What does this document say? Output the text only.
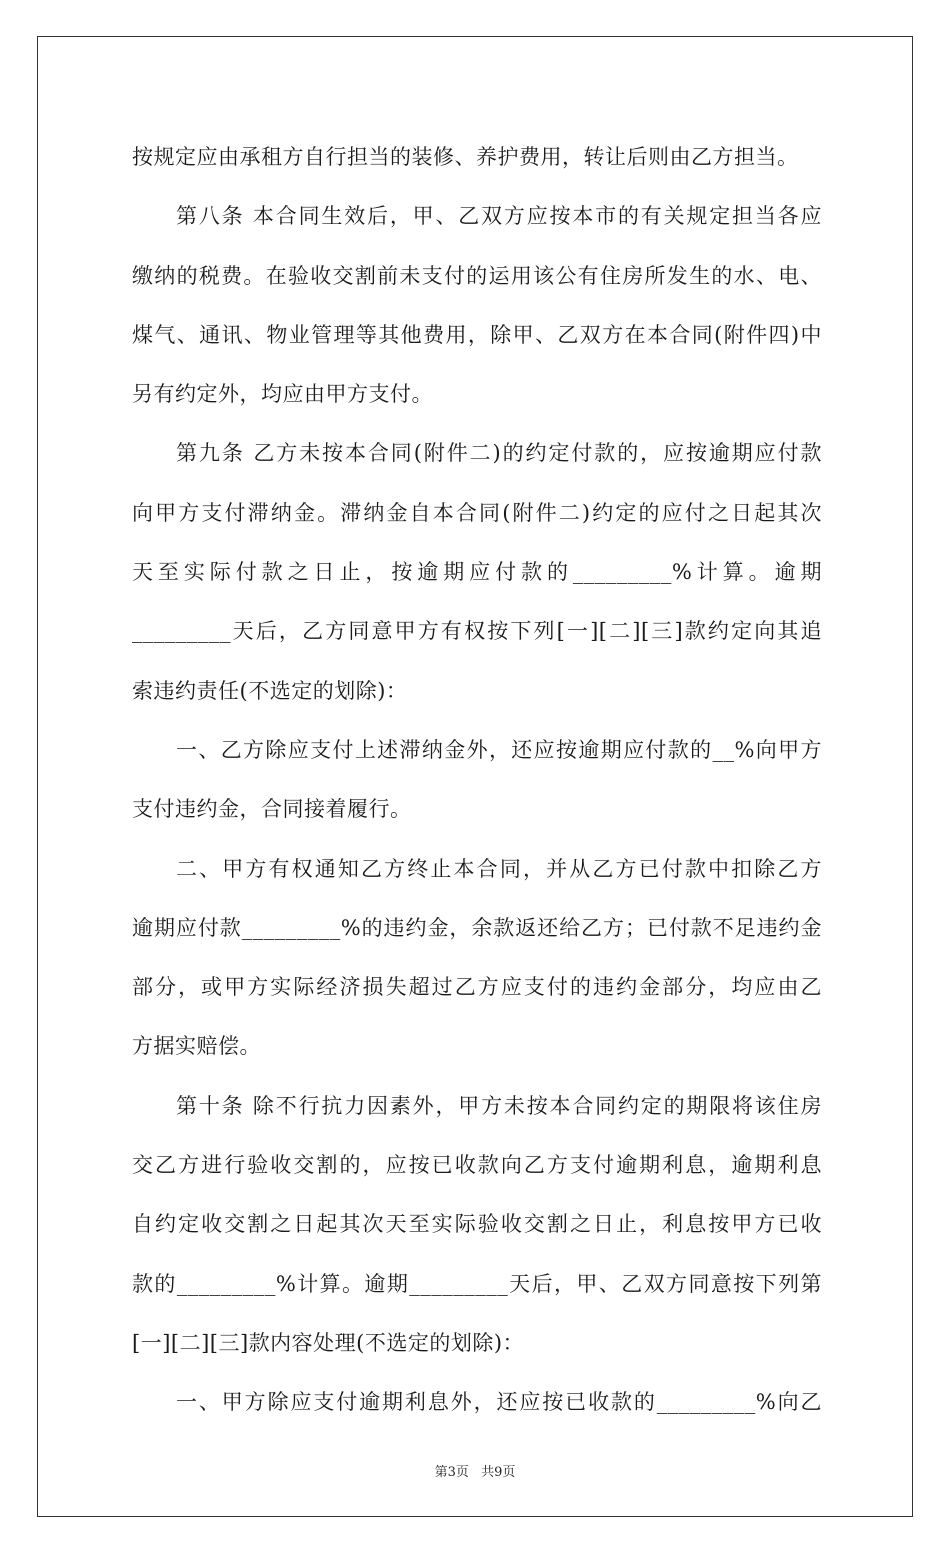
按规定应由承租方自行担当的装修、养护费用，转让后则由乙方担当。
第八条 本合同生效后，甲、乙双方应按本市的有关规定担当各应
缴纳的税费。在验收交割前未支付的运用该公有住房所发生的水、电、
煤气、通讯、物业管理等其他费用，除甲、乙双方在本合同(附件四)中
另有约定外，均应由甲方支付。
第九条 乙方未按本合同(附件二)的约定付款的，应按逾期应付款
向甲方支付滞纳金。滞纳金自本合同(附件二)约定的应付之日起其次
天至实际付款之日止，按逾期应付款的_________%计算。逾期
_________天后，乙方同意甲方有权按下列[一][二][三]款约定向其追
索违约责任(不选定的划除)：
一、乙方除应支付上述滞纳金外，还应按逾期应付款的__%向甲方
支付违约金，合同接着履行。
二、甲方有权通知乙方终止本合同，并从乙方已付款中扣除乙方
逾期应付款_________%的违约金，余款返还给乙方；已付款不足违约金
部分，或甲方实际经济损失超过乙方应支付的违约金部分，均应由乙
方据实赔偿。
第十条 除不行抗力因素外，甲方未按本合同约定的期限将该住房
交乙方进行验收交割的，应按已收款向乙方支付逾期利息，逾期利息
自约定收交割之日起其次天至实际验收交割之日止，利息按甲方已收
款的_________%计算。逾期_________天后，甲、乙双方同意按下列第
[一][二][三]款内容处理(不选定的划除)：
一、甲方除应支付逾期利息外，还应按已收款的_________%向乙
第3页 共9页
